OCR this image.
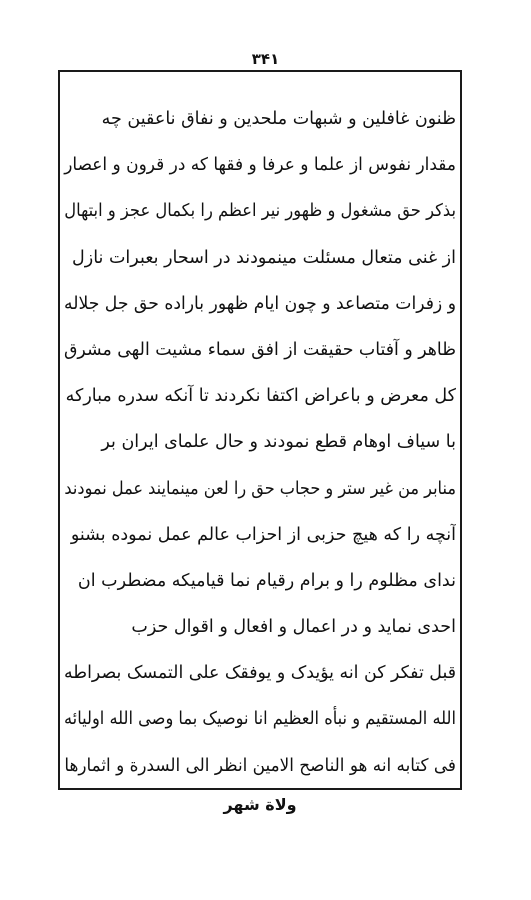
۳۴۱
ظنون غافلین و شبهات ملحدین و نفاق ناعقین چه
مقدار نفوس از علما و عرفا و فقها که در قرون و اعصار
بذکر حق مشغول و ظهور نیر اعظم را بکمال عجز و ابتهال
از غنی متعال مسئلت مینمودند در اسحار بعبرات نازل
و زفرات متصاعد و چون ایام ظهور باراده حق جل جلاله
ظاهر و آفتاب حقیقت از افق سماء مشیت الهی مشرق
کل معرض و باعراض اکتفا نکردند تا آنکه سدره مبارکه
با سیاف اوهام قطع نمودند و حال علمای ایران بر
منابر من غیر ستر و حجاب حق را لعن مینمایند عمل نمودند
آنچه را که هیچ حزبی از احزاب عالم عمل نموده بشنو
ندای مظلوم را و برام رقیام نما قیامیکه مضطرب ان
احدی نماید و در اعمال و افعال و اقوال حزب
قبل تفکر کن انه یؤیدک و یوفقک علی التمسک بصراطه
الله المستقیم و نبأه العظیم انا نوصیک بما وصی الله اولیائه
فی کتابه انه هو الناصح الامین انظر الی السدرة و اثمارها
ولاة شهر
